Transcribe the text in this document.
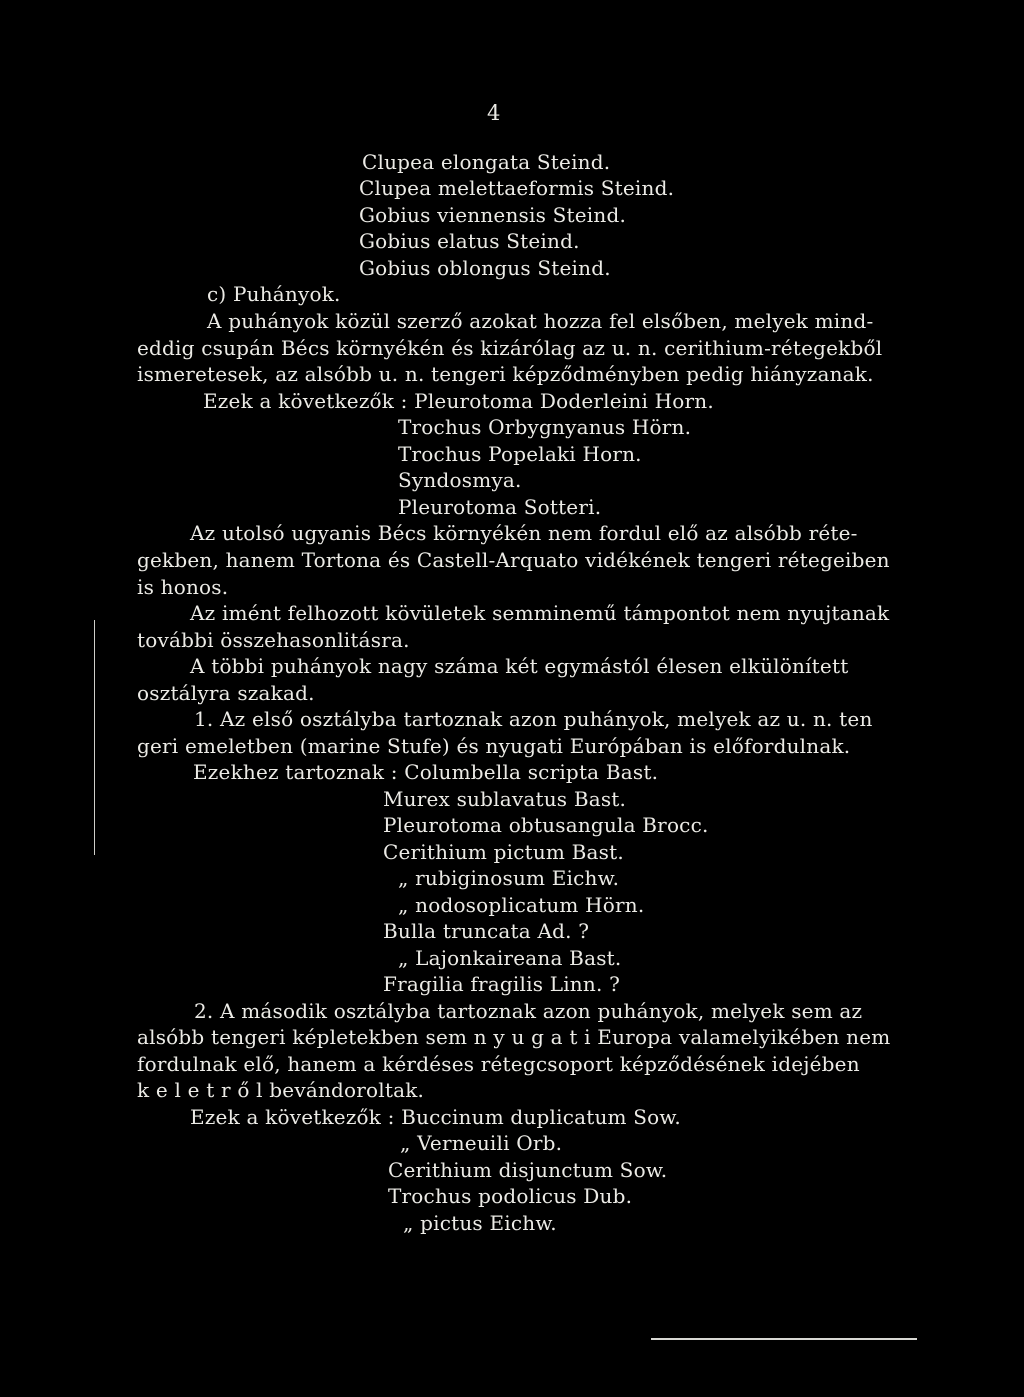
4
Clupea elongata Steind.
Clupea melettaeformis Steind.
Gobius viennensis Steind.
Gobius elatus Steind.
Gobius oblongus Steind.
c) Puhányok.
A puhányok közül szerző azokat hozza fel elsőben, melyek mind-
eddig csupán Bécs környékén és kizárólag az u. n. cerithium-rétegekből
ismeretesek, az alsóbb u. n. tengeri képződményben pedig hiányzanak.
Ezek a következők : Pleurotoma Doderleini Horn.
Trochus Orbygnyanus Hörn.
Trochus Popelaki Horn.
Syndosmya.
Pleurotoma Sotteri.
Az utolsó ugyanis Bécs környékén nem fordul elő az alsóbb réte-
gekben, hanem Tortona és Castell-Arquato vidékének tengeri rétegeiben
is honos.
Az imént felhozott kövületek semminemű támpontot nem nyujtanak
további összehasonlitásra.
A többi puhányok nagy száma két egymástól élesen elkülönített
osztályra szakad.
1. Az első osztályba tartoznak azon puhányok, melyek az u. n. ten
geri emeletben (marine Stufe) és nyugati Európában is előfordulnak.
Ezekhez tartoznak : Columbella scripta Bast.
Murex sublavatus Bast.
Pleurotoma obtusangula Brocc.
Cerithium pictum Bast.
„ rubiginosum Eichw.
„ nodosoplicatum Hörn.
Bulla truncata Ad. ?
„ Lajonkaireana Bast.
Fragilia fragilis Linn. ?
2. A második osztályba tartoznak azon puhányok, melyek sem az
alsóbb tengeri képletekben sem n y u g a t i Europa valamelyikében nem
fordulnak elő, hanem a kérdéses rétegcsoport képződésének idejében
k e l e t r ő l bevándoroltak.
Ezek a következők : Buccinum duplicatum Sow.
„ Verneuili Orb.
Cerithium disjunctum Sow.
Trochus podolicus Dub.
„ pictus Eichw.
